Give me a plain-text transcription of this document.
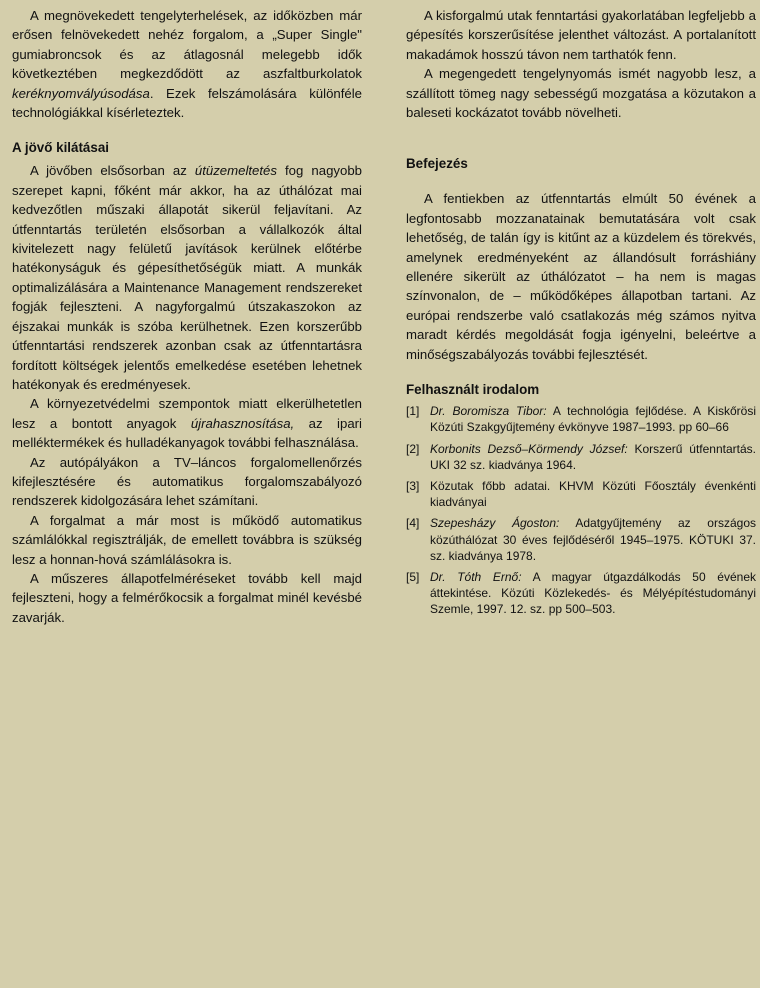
A megnövekedett tengelyterhelések, az időközben már erősen felnövekedett nehéz forgalom, a „Super Single" gumiabroncsok és az átlagosnál melegebb idők következtében megkezdődött az aszfaltburkolatok keréknyomvályúsodása. Ezek felszámolására különféle technológiákkal kísérleteztek.

A jövő kilátásai

A jövőben elsősorban az útüzemeltetés fog nagyobb szerepet kapni, főként már akkor, ha az úthálózat mai kedvezőtlen műszaki állapotát sikerül feljavítani. Az útfenntartás területén elsősorban a vállalkozók által kivitelezett nagy felületű javítások kerülnek előtérbe hatékonyságuk és gépesíthetőségük miatt. A munkák optimalizálására a Maintenance Management rendszereket fogják fejleszteni. A nagyforgalmú útszakaszokon az éjszakai munkák is szóba kerülhetnek. Ezen korszerűbb útfenntartási rendszerek azonban csak az útfenntartásra fordított költségek jelentős emelkedése esetében lehetnek hatékonyak és eredményesek.

A környezetvédelmi szempontok miatt elkerülhetetlen lesz a bontott anyagok újrahasznosítása, az ipari melléktermékek és hulladékanyagok további felhasználása.

Az autópályákon a TV–láncos forgalomellenőrzés kifejlesztésére és automatikus forgalomszabályozó rendszerek kidolgozására lehet számítani.

A forgalmat a már most is működő automatikus számlálókkal regisztrálják, de emellett továbbra is szükség lesz a honnan-hová számlálásokra is.

A műszeres állapotfelméréseket tovább kell majd fejleszteni, hogy a felmérőkocsik a forgalmat minél kevésbé zavarják.

A kisforgalmú utak fenntartási gyakorlatában legfeljebb a gépesítés korszerűsítése jelenthet változást. A portalanított makadámok hosszú távon nem tarthatók fenn.

A megengedett tengelynyomás ismét nagyobb lesz, a szállított tömeg nagy sebességű mozgatása a közutakon a baleseti kockázatot tovább növelheti.

Befejezés

A fentiekben az útfenntartás elmúlt 50 évének a legfontosabb mozzanatainak bemutatására volt csak lehetőség, de talán így is kitűnt az a küzdelem és törekvés, amelynek eredményeként az állandósult forráshiány ellenére sikerült az úthálózatot – ha nem is magas színvonalon, de – működőképes állapotban tartani. Az európai rendszerbe való csatlakozás még számos nyitva maradt kérdés megoldását fogja igényelni, beleértve a minőségszabályozás további fejlesztését.

Felhasznált irodalom
[1] Dr. Boromisza Tibor: A technológia fejlődése. A Kiskőrösi Közúti Szakgyűjtemény évkönyve 1987–1993. pp 60–66
[2] Korbonits Dezső–Körmendy József: Korszerű útfenntartás. UKI 32 sz. kiadványa 1964.
[3] Közutak főbb adatai. KHVM Közúti Főosztály évenkénti kiadványai
[4] Szepesházy Ágoston: Adatgyűjtemény az országos közúthálózat 30 éves fejlődéséről 1945–1975. KÖTUKI 37. sz. kiadványa 1978.
[5] Dr. Tóth Ernő: A magyar útgazdálkodás 50 évének áttekintése. Közúti Közlekedés- és Mélyépítéstudományi Szemle, 1997. 12. sz. pp 500–503.
